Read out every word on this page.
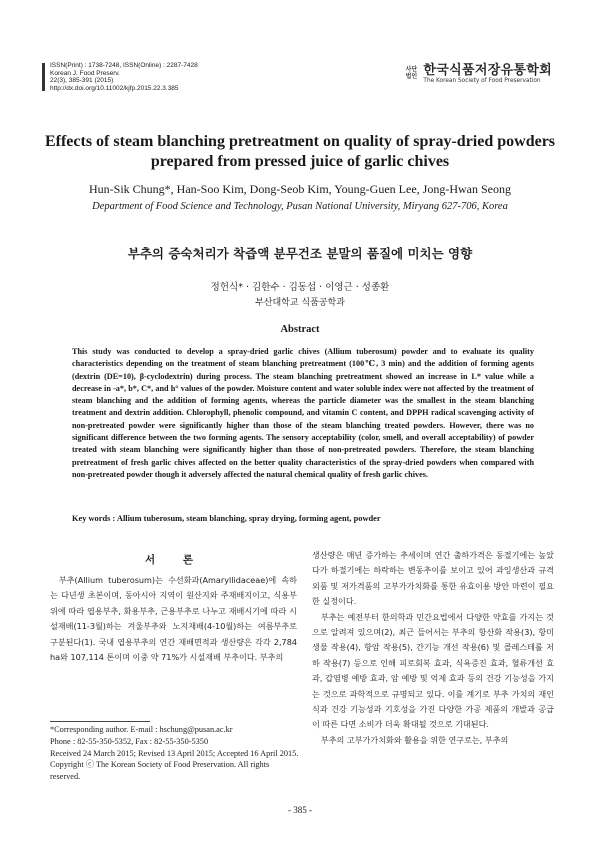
ISSN(Print) : 1738-7248, ISSN(Online) : 2287-7428
Korean J. Food Preserv.
22(3), 385-391 (2015)
http://dx.doi.org/10.11002/kjfp.2015.22.3.385
사단법인 한국식품저장유통학회
The Korean Society of Food Preservation
Effects of steam blanching pretreatment on quality of spray-dried powders prepared from pressed juice of garlic chives
Hun-Sik Chung*, Han-Soo Kim, Dong-Seob Kim, Young-Guen Lee, Jong-Hwan Seong
Department of Food Science and Technology, Pusan National University, Miryang 627-706, Korea
부추의 증숙처리가 착즙액 분무건조 분말의 품질에 미치는 영향
정헌식* · 김한수 · 김동섭 · 이영근 · 성종환
부산대학교 식품공학과
Abstract
This study was conducted to develop a spray-dried garlic chives (Allium tuberosum) powder and to evaluate its quality characteristics depending on the treatment of steam blanching pretreatment (100℃, 3 min) and the addition of forming agents (dextrin (DE=10), β-cyclodextrin) during process. The steam blanching pretreatment showed an increase in L* value while a decrease in -a*, b*, C*, and h° values of the powder. Moisture content and water soluble index were not affected by the treatment of steam blanching and the addition of forming agents, whereas the particle diameter was the smallest in the steam blanching treatment and dextrin addition. Chlorophyll, phenolic compound, and vitamin C content, and DPPH radical scavenging activity of non-pretreated powder were significantly higher than those of the steam blanching treated powders. However, there was no significant difference between the two forming agents. The sensory acceptability (color, smell, and overall acceptability) of powder treated with steam blanching were significantly higher than those of non-pretreated powders. Therefore, the steam blanching pretreatment of fresh garlic chives affected on the better quality characteristics of the spray-dried powders when compared with non-pretreated powder though it adversely affected the natural chemical quality of fresh garlic chives.
Key words : Allium tuberosum, steam blanching, spray drying, forming agent, powder
서 론

부추(Allium tuberosum)는 수선화과(Amaryllidaceae)에 속하는 다년생 초본이며, 동아시아 지역이 원산지와 주재배지이고, 식용부위에 따라 엽용부추, 화용부추, 근용부추로 나누고 재배시기에 따라 시설재배(11-3월)하는 겨울부추와 노지재배(4-10월)하는 여름부추로 구분된다(1). 국내 엽용부추의 연간 재배면적과 생산량은 각각 2,784 ha와 107,114 톤이며 이중 약 71%가 시설재배 부추이다. 부추의

생산량은 매년 증가하는 추세이며 연간 출하가격은 동절기에는 높았다가 하절기에는 하락하는 변동추이를 보이고 있어 과잉생산과 규격외품 및 저가격품의 고부가가치화를 통한 유효이용 방안 마련이 필요한 실정이다.

부추는 예전부터 한의학과 민간요법에서 다양한 약효를 가지는 것으로 알려져 있으며(2), 최근 들어서는 부추의 항산화 작용(3), 항미생물 작용(4), 항암 작용(5), 간기능 개선 작용(6) 및 콜레스테롤 저하 작용(7) 등으로 인해 피로회복 효과, 식욕증진 효과, 혈류개선 효과, 갑염병 예방 효과, 암 예방 및 억제 효과 등의 건강 기능성을 가지는 것으로 과학적으로 규명되고 있다. 이를 계기로 부추 가치의 재인식과 건강 기능성과 기호성을 가진 다양한 가공 제품의 개발과 공급이 따른 다면 소비가 더욱 확대될 것으로 기대된다.

부추의 고부가가치화와 활용을 위한 연구로는, 부추의

*Corresponding author. E-mail : hschung@pusan.ac.kr
Phone : 82-55-350-5352, Fax : 82-55-350-5350
Received 24 March 2015; Revised 13 April 2015; Accepted 16 April 2015.
Copyright ⓒ The Korean Society of Food Preservation. All rights reserved.
- 385 -
